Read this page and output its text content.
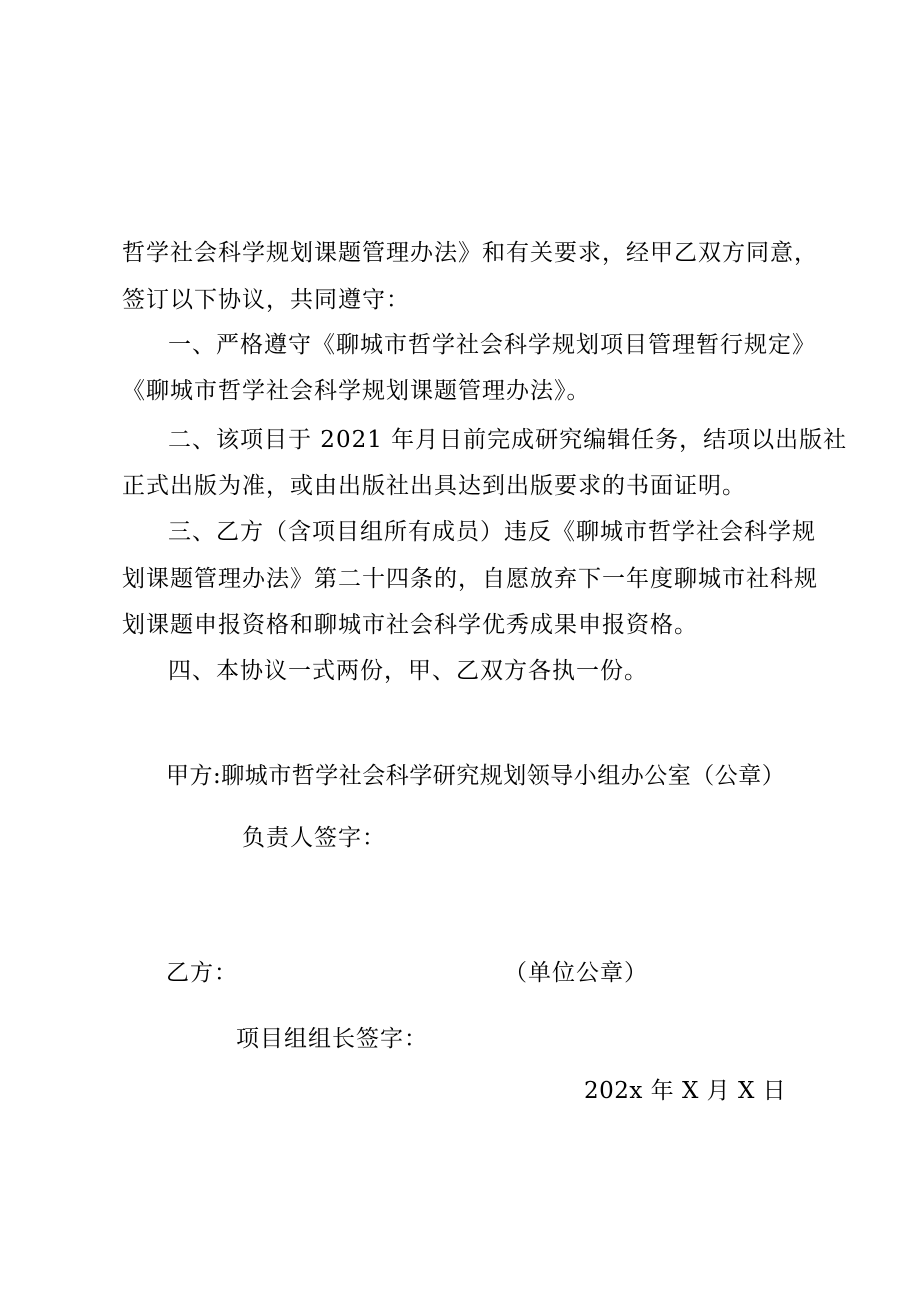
哲学社会科学规划课题管理办法》和有关要求，经甲乙双方同意，
签订以下协议，共同遵守：
一、严格遵守《聊城市哲学社会科学规划项目管理暂行规定》
《聊城市哲学社会科学规划课题管理办法》。
二、该项目于 2021 年月日前完成研究编辑任务，结项以出版社
正式出版为准，或由出版社出具达到出版要求的书面证明。
三、乙方（含项目组所有成员）违反《聊城市哲学社会科学规
划课题管理办法》第二十四条的，自愿放弃下一年度聊城市社科规
划课题申报资格和聊城市社会科学优秀成果申报资格。
四、本协议一式两份，甲、乙双方各执一份。
甲方:聊城市哲学社会科学研究规划领导小组办公室（公章）
负责人签字：
乙方：	（单位公章）
项目组组长签字：
202x 年 X 月 X 日
